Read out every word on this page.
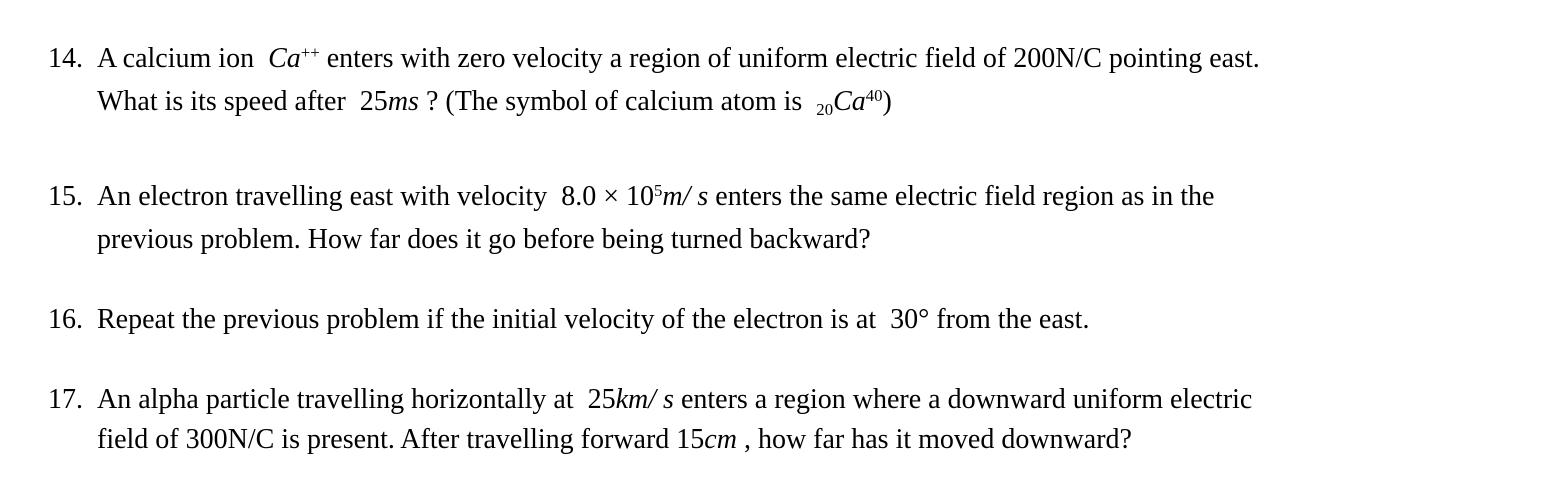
14. A calcium ion  Ca++ enters with zero velocity a region of uniform electric field of 200N/C pointing east.
What is its speed after  25ms ? (The symbol of calcium atom is  20Ca$^{40}$)
15. An electron travelling east with velocity  $8.0 \times 10^5m/$ s enters the same electric field region as in the
previous problem. How far does it go before being turned backward?
16. Repeat the previous problem if the initial velocity of the electron is at  30° from the east.
17. An alpha particle travelling horizontally at  25km/ s enters a region where a downward uniform electric
field of 300N/C is present. After travelling forward 15cm , how far has it moved downward?
